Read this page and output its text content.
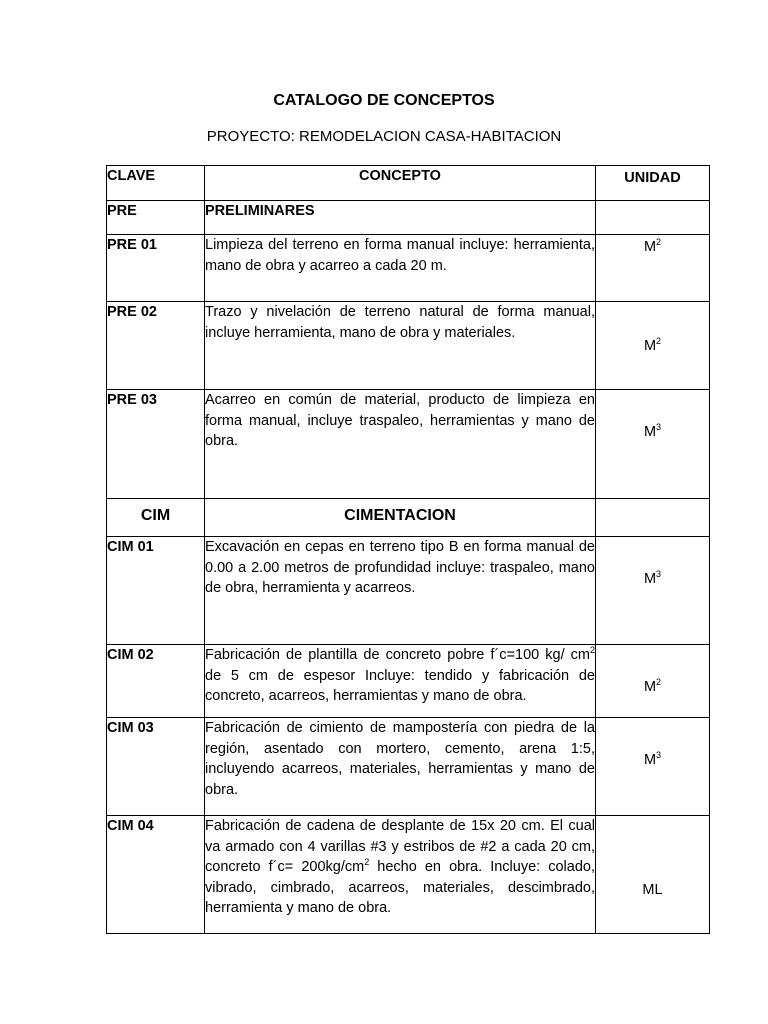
CATALOGO DE CONCEPTOS
PROYECTO: REMODELACION CASA-HABITACION
CLAVE	CONCEPTO	UNIDAD
PRE	PRELIMINARES	
PRE 01	Limpieza del terreno en forma manual incluye: herramienta, mano de obra y acarreo a cada 20 m.	$M^2$
PRE 02	Trazo y nivelación de terreno natural de forma manual, incluye herramienta, mano de obra y materiales.	$M^2$
PRE 03	Acarreo en común de material, producto de limpieza en forma manual, incluye traspaleo, herramientas y mano de obra.	$M^3$
CIM	CIMENTACION	
CIM 01	Excavación en cepas en terreno tipo B en forma manual de 0.00 a 2.00 metros de profundidad incluye: traspaleo, mano de obra, herramienta y acarreos.	$M^3$
CIM 02	Fabricación de plantilla de concreto pobre f´c=100 kg/ $cm^2$ de 5 cm de espesor Incluye: tendido y fabricación de concreto, acarreos, herramientas y mano de obra.	$M^2$
CIM 03	Fabricación de cimiento de mampostería con piedra de la región, asentado con mortero, cemento, arena 1:5, incluyendo acarreos, materiales, herramientas y mano de obra.	$M^3$
CIM 04	Fabricación de cadena de desplante de 15x 20 cm. El cual va armado con 4 varillas #3 y estribos de #2 a cada 20 cm, concreto f´c= $200kg/cm^2$ hecho en obra. Incluye: colado, vibrado, cimbrado, acarreos, materiales, descimbrado, herramienta y mano de obra.	ML
